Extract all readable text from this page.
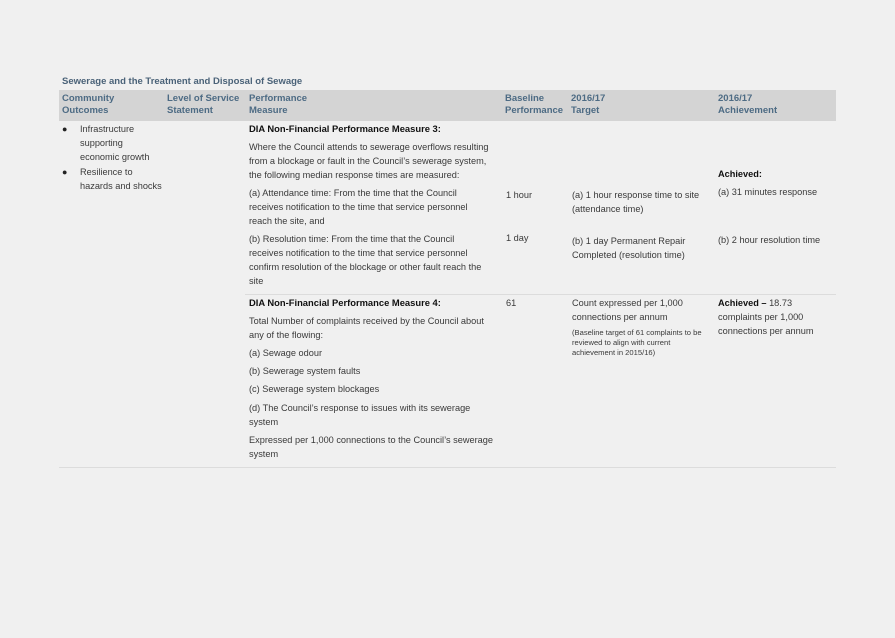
Sewerage and the Treatment and Disposal of Sewage
Community
Outcomes
Level of Service
Statement
Performance
Measure
Baseline
Performance
2016/17
Target
2016/17
Achievement
● Infrastructure
supporting
economic growth
● Resilience to
hazards and shocks
DIA Non-Financial Performance Measure 3:
Where the Council attends to sewerage overflows resulting
from a blockage or fault in the Council’s sewerage system,
the following median response times are measured:
(a) Attendance time: From the time that the Council
receives notification to the time that service personnel
reach the site, and
(b) Resolution time: From the time that the Council
receives notification to the time that service personnel
confirm resolution of the blockage or other fault reach the
site
1 hour
1 day
(a) 1 hour response time to site
(attendance time)
(b) 1 day Permanent Repair
Completed (resolution time)
Achieved:
(a) 31 minutes response
(b) 2 hour resolution time
DIA Non-Financial Performance Measure 4:
Total Number of complaints received by the Council about
any of the flowing:
(a) Sewage odour
(b) Sewerage system faults
(c) Sewerage system blockages
(d) The Council’s response to issues with its sewerage
system
Expressed per 1,000 connections to the Council’s sewerage
system
61	Count expressed per 1,000
connections per annum
(Baseline target of 61 complaints to be
reviewed to align with current
achievement in 2015/16)
Achieved – 18.73
complaints per 1,000
connections per annum
